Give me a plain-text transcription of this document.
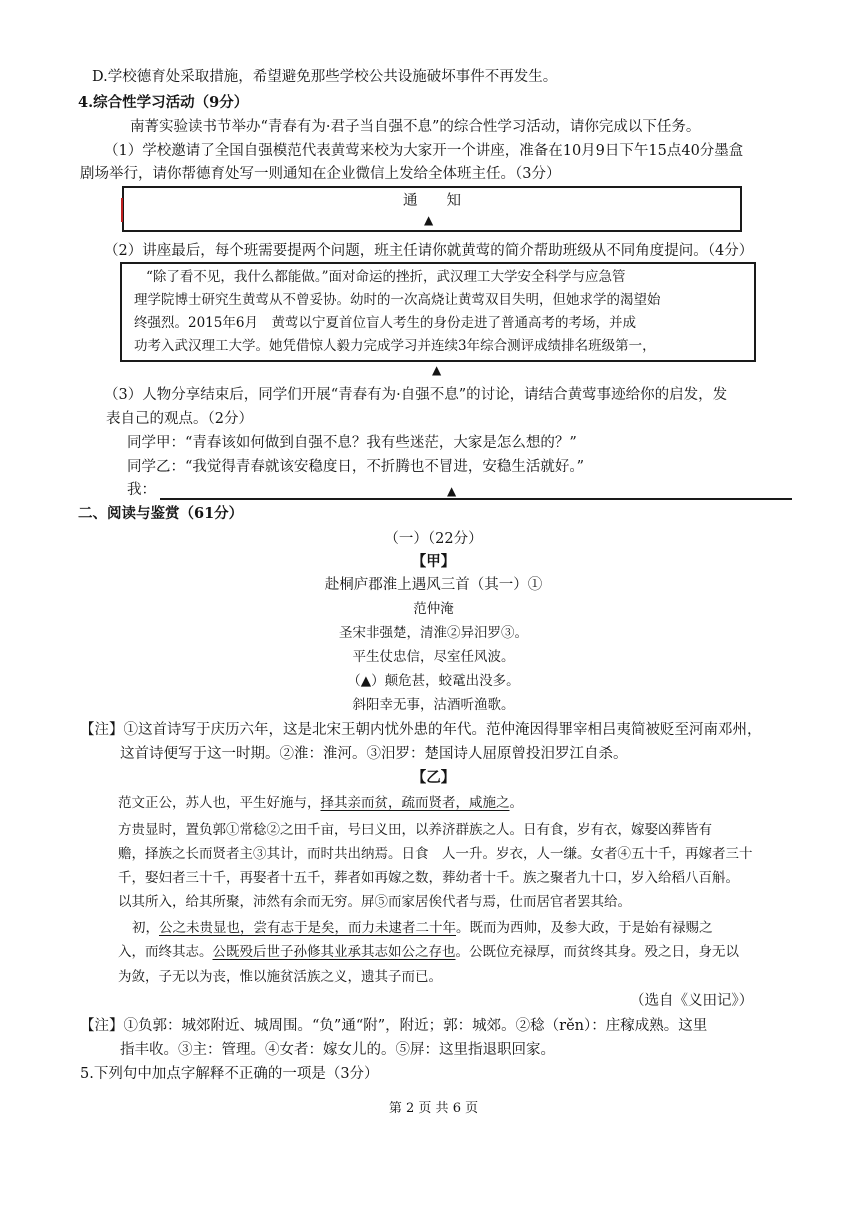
D.学校德育处采取措施，希望避免那些学校公共设施破坏事件不再发生。
4.综合性学习活动（9分）
南菁实验读书节举办“青春有为·君子当自强不息”的综合性学习活动，请你完成以下任务。
（1）学校邀请了全国自强模范代表黄莺来校为大家开一个讲座，准备在10月9日下午15点40分墨盒
剧场举行，请你帮德育处写一则通知在企业微信上发给全体班主任。（3分）
通　　知
▲
（2）讲座最后，每个班需要提两个问题，班主任请你就黄莺的简介帮助班级从不同角度提问。（4分）
“除了看不见，我什么都能做。”面对命运的挫折，武汉理工大学安全科学与应急管
理学院博士研究生黄莺从不曾妥协。幼时的一次高烧让黄莺双目失明，但她求学的渴望始
终强烈。2015年6月　黄莺以宁夏首位盲人考生的身份走进了普通高考的考场，并成
功考入武汉理工大学。她凭借惊人毅力完成学习并连续3年综合测评成绩排名班级第一，
▲
（3）人物分享结束后，同学们开展“青春有为·自强不息”的讨论，请结合黄莺事迹给你的启发，发
表自己的观点。（2分）
同学甲：“青春该如何做到自强不息？我有些迷茫，大家是怎么想的？”
同学乙：“我觉得青春就该安稳度日，不折腾也不冒进，安稳生活就好。”
我：	▲
二、阅读与鉴赏（61分）
（一）（22分）
【甲】
赴桐庐郡淮上遇风三首（其一）①
范仲淹
圣宋非强楚，清淮②异汨罗③。
平生仗忠信，尽室任风波。
（▲）颠危甚，蛟鼋出没多。
斜阳幸无事，沽酒听渔歌。
【注】①这首诗写于庆历六年，这是北宋王朝内忧外患的年代。范仲淹因得罪宰相吕夷简被贬至河南邓州，
这首诗便写于这一时期。②淮：淮河。③汨罗：楚国诗人屈原曾投汨罗江自杀。
【乙】
范文正公，苏人也，平生好施与，择其亲而贫，疏而贤者，咸施之。
方贵显时，置负郭①常稔②之田千亩，号曰义田，以养济群族之人。日有食，岁有衣，嫁娶凶葬皆有
赡，择族之长而贤者主③其计，而时共出纳焉。日食　人一升。岁衣，人一缣。女者④五十千，再嫁者三十
千，娶妇者三十千，再娶者十五千，葬者如再嫁之数，葬幼者十千。族之聚者九十口，岁入给稻八百斛。
以其所入，给其所聚，沛然有余而无穷。屏⑤而家居俟代者与焉，仕而居官者罢其给。
初，公之未贵显也，尝有志于是矣，而力未逮者二十年。既而为西帅，及参大政，于是始有禄赐之
入，而终其志。公既殁后世子孙修其业承其志如公之存也。公既位充禄厚，而贫终其身。殁之日，身无以
为敛，子无以为丧，惟以施贫活族之义，遗其子而已。
（选自《义田记》）
【注】①负郭：城郊附近、城周围。“负”通“附”，附近；郭：城郊。②稔（rěn）：庄稼成熟。这里
指丰收。③主：管理。④女者：嫁女儿的。⑤屏：这里指退职回家。
5.下列句中加点字解释不正确的一项是（3分）
第 2 页 共 6 页
